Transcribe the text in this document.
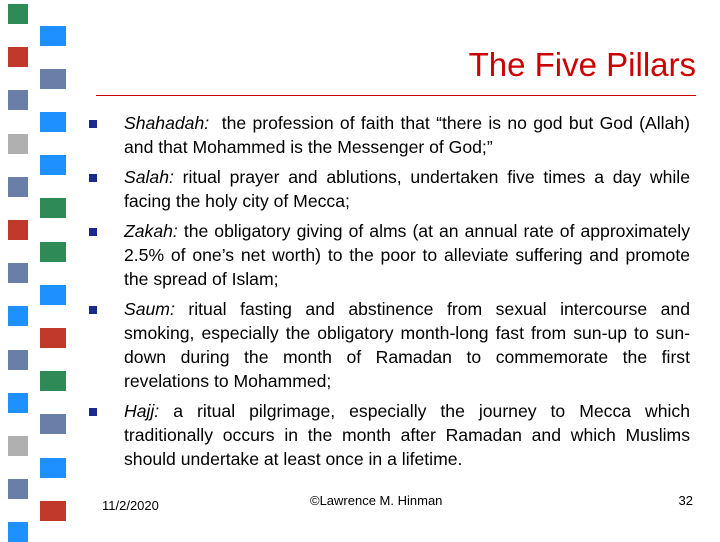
The Five Pillars
Shahadah:  the profession of faith that “there is no god but God (Allah) and that Mohammed is the Messenger of God;”
Salah: ritual prayer and ablutions, undertaken five times a day while facing the holy city of Mecca;
Zakah: the obligatory giving of alms (at an annual rate of approximately 2.5% of one’s net worth) to the poor to alleviate suffering and promote the spread of Islam;
Saum: ritual fasting and abstinence from sexual intercourse and smoking, especially the obligatory month-long fast from sun-up to sun-down during the month of Ramadan to commemorate the first revelations to Mohammed;
Hajj: a ritual pilgrimage, especially the journey to Mecca which traditionally occurs in the month after Ramadan and which Muslims should undertake at least once in a lifetime.
11/2/2020	©Lawrence M. Hinman	32
